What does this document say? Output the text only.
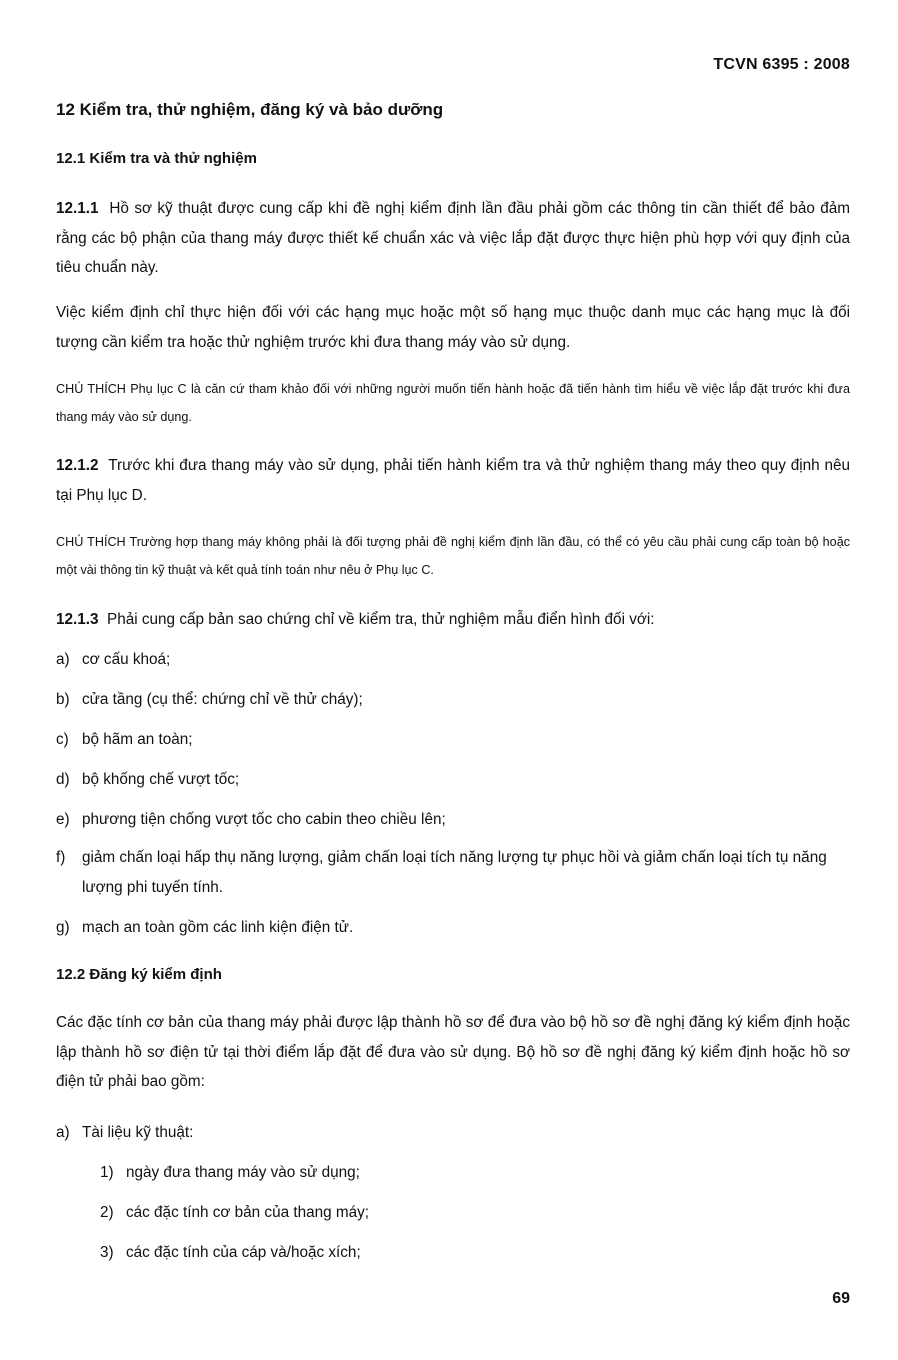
TCVN 6395 : 2008
12 Kiểm tra, thử nghiệm, đăng ký và bảo dưỡng
12.1 Kiểm tra và thử nghiệm
12.1.1 Hồ sơ kỹ thuật được cung cấp khi đề nghị kiểm định lần đầu phải gồm các thông tin cần thiết để bảo đảm rằng các bộ phận của thang máy được thiết kế chuẩn xác và việc lắp đặt được thực hiện phù hợp với quy định của tiêu chuẩn này.
Việc kiểm định chỉ thực hiện đối với các hạng mục hoặc một số hạng mục thuộc danh mục các hạng mục là đối tượng cần kiểm tra hoặc thử nghiệm trước khi đưa thang máy vào sử dụng.
CHÚ THÍCH Phụ lục C là căn cứ tham khảo đối với những người muốn tiến hành hoặc đã tiến hành tìm hiểu về việc lắp đặt trước khi đưa thang máy vào sử dụng.
12.1.2 Trước khi đưa thang máy vào sử dụng, phải tiến hành kiểm tra và thử nghiệm thang máy theo quy định nêu tại Phụ lục D.
CHÚ THÍCH Trường hợp thang máy không phải là đối tượng phải đề nghị kiểm định lần đầu, có thể có yêu cầu phải cung cấp toàn bộ hoặc một vài thông tin kỹ thuật và kết quả tính toán như nêu ở Phụ lục C.
12.1.3 Phải cung cấp bản sao chứng chỉ về kiểm tra, thử nghiệm mẫu điển hình đối với:
a) cơ cấu khoá;
b) cửa tầng (cụ thể: chứng chỉ về thử cháy);
c) bộ hãm an toàn;
d) bộ khống chế vượt tốc;
e) phương tiện chống vượt tốc cho cabin theo chiều lên;
f)	giảm chấn loại hấp thụ năng lượng, giảm chấn loại tích năng lượng tự phục hồi và giảm chấn loại tích tụ năng lượng phi tuyến tính.
g) mạch an toàn gồm các linh kiện điện tử.
12.2 Đăng ký kiểm định
Các đặc tính cơ bản của thang máy phải được lập thành hồ sơ để đưa vào bộ hồ sơ đề nghị đăng ký kiểm định hoặc lập thành hồ sơ điện tử tại thời điểm lắp đặt để đưa vào sử dụng. Bộ hồ sơ đề nghị đăng ký kiểm định hoặc hồ sơ điện tử phải bao gồm:
a) Tài liệu kỹ thuật:
1) ngày đưa thang máy vào sử dụng;
2) các đặc tính cơ bản của thang máy;
3) các đặc tính của cáp và/hoặc xích;
69
